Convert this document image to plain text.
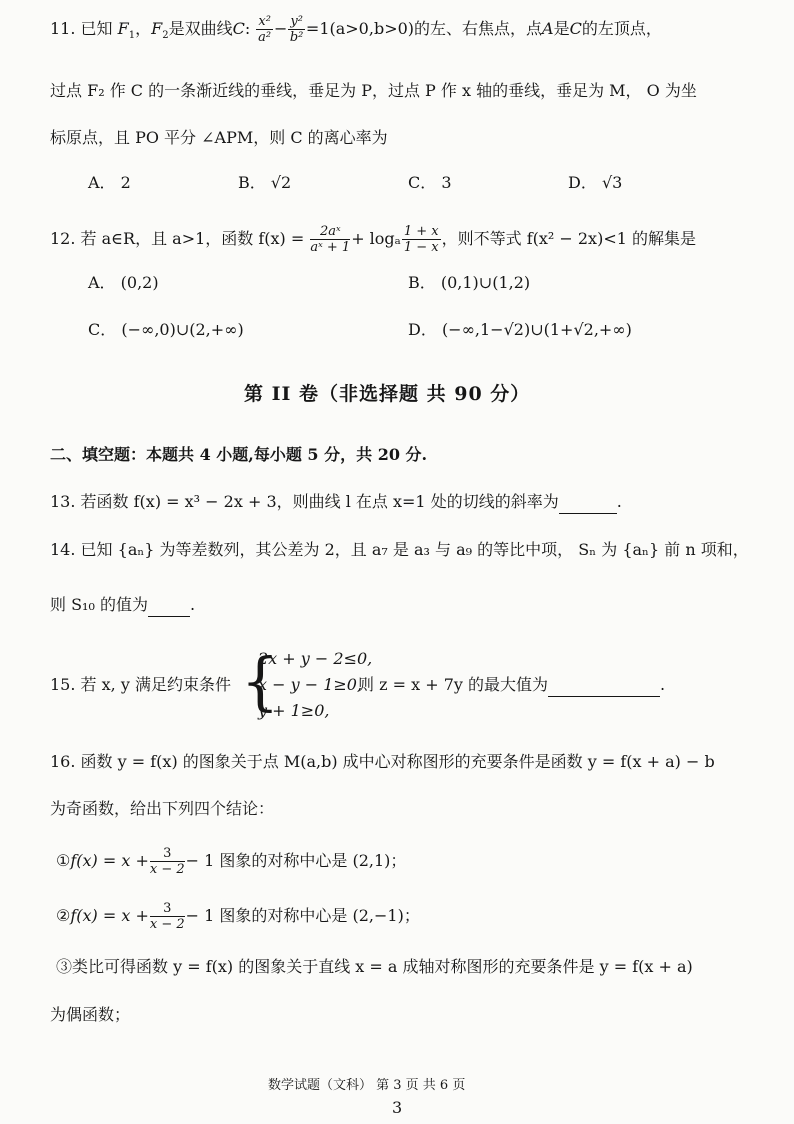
11. 已知 $F_1$，$F_2$是双曲线C: $\frac{\text{x²}}{\text{a²}} - \frac{\text{y²}}{\text{b²}} =1(a>0,b>0)$的左、右焦点，点A是C的左顶点，
过点 F₂ 作 C 的一条渐近线的垂线，垂足为 P，过点 P 作 x 轴的垂线，垂足为 M， O 为坐
标原点，且 PO 平分 ∠APM，则 C 的离心率为
A． 2	B． √2	C． 3	D． √3
12. 若 a∈R，且 a>1，函数 $f(x) = \frac{\text{2aˣ}}{\text{aˣ + 1}} + \log_a \frac{1 + x}{1 - x}$ ，则不等式 f(x² − 2x)<1 的解集是
A． (0,2)	B． (0,1)∪(1,2)
C． (−∞,0)∪(2,+∞)	D． (−∞,1−√2)∪(1+√2,+∞)
第 II 卷（非选择题 共 90 分）
二、填空题：本题共 4 小题,每小题 5 分，共 20 分.
13. 若函数 f(x) = x³ − 2x + 3，则曲线 l 在点 x=1 处的切线的斜率为	.
14. 已知 {aₙ} 为等差数列，其公差为 2，且 a₇ 是 a₃ 与 a₉ 的等比中项， Sₙ 为 {aₙ} 前 n 项和，
则 S₁₀ 的值为	.
15. 若 x, y 满足约束条件 {
2x + y − 2≤0,
x − y − 1≥0,
y + 1≥0,
则 z = x + 7y 的最大值为	.
16. 函数 y = f(x) 的图象关于点 M(a,b) 成中心对称图形的充要条件是函数 y = f(x + a) − b
为奇函数，给出下列四个结论：
①f(x) = $x + \frac{3}{x - 2} - 1$ 图象的对称中心是 (2,1)；
②f(x) = $x + \frac{3}{x - 2} - 1$ 图象的对称中心是 (2,−1)；
③类比可得函数 y = f(x) 的图象关于直线 x = a 成轴对称图形的充要条件是 y = f(x + a)
为偶函数；
数学试题（文科） 第 3 页 共 6 页
3
